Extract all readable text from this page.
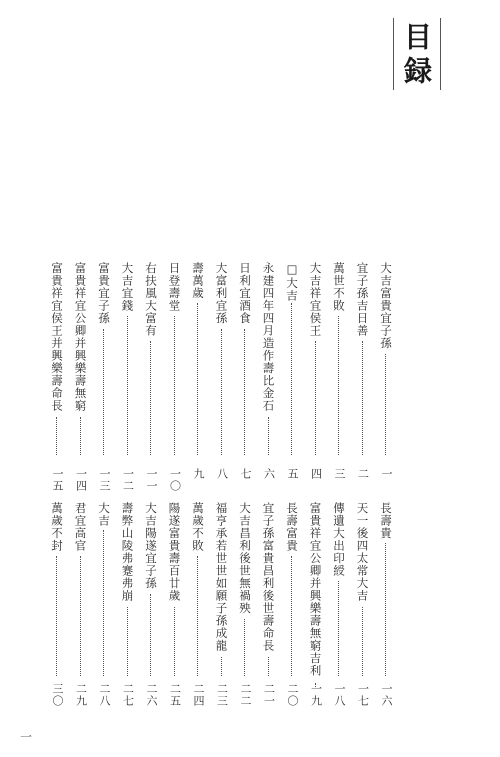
目録
大吉富貴宜子孫
一
宜子孫吉日善
二
萬世不敗
三
大吉祥宜侯王
四
□大吉
五
永建四年四月造作壽比金石
六
日利宜酒食
七
大富利宜孫
八
壽萬歲
九
日登壽堂
一〇
右扶風大富有
一一
大吉宜錢
一二
富貴宜子孫
一三
富貴祥宜公卿并興樂壽無窮
一四
富貴祥宜侯王并興樂壽命長
一五
長壽貴
一六
天一後四太常大吉
一七
傳遺大出印綬
一八
富貴祥宜公卿并興樂壽無窮吉利
一九
長壽富貴
二〇
宜子孫富貴昌利後世壽命長
二一
大吉昌利後世無禍殃
二二
福亨承若世世如願子孫成龍
二三
萬歲不敗
二四
陽遂富貴壽百廿歲
二五
大吉陽遂宜子孫
二六
壽弊山陵弗蹇弗崩
二七
大吉
二八
君宜高官
二九
萬歲不封
三〇
一
